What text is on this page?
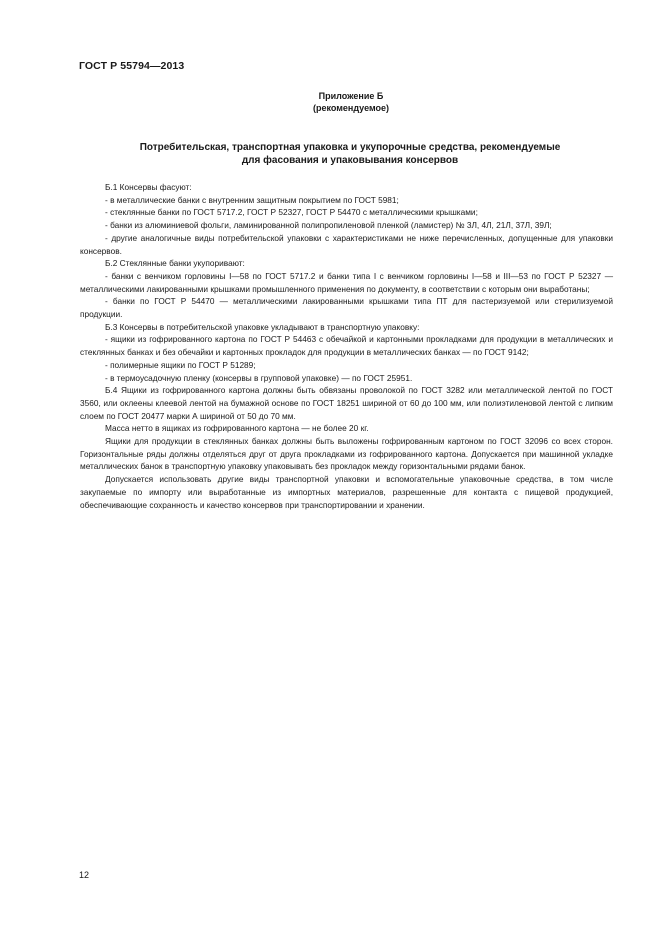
ГОСТ Р 55794—2013
Приложение Б
(рекомендуемое)
Потребительская, транспортная упаковка и укупорочные средства, рекомендуемые
для фасования и упаковывания консервов

Б.1 Консервы фасуют:

- в металлические банки с внутренним защитным покрытием по ГОСТ 5981;

- стеклянные банки по ГОСТ 5717.2, ГОСТ Р 52327, ГОСТ Р 54470 с металлическими крышками;

- банки из алюминиевой фольги, ламинированной полипропиленовой пленкой (ламистер) № 3Л, 4Л, 21Л, 37Л, 39Л;

- другие аналогичные виды потребительской упаковки с характеристиками не ниже перечисленных, допущенные для упаковки консервов.

Б.2 Стеклянные банки укупоривают:

- банки с венчиком горловины I—58 по ГОСТ 5717.2 и банки типа I с венчиком горловины I—58 и III—53 по ГОСТ Р 52327 — металлическими лакированными крышками промышленного применения по документу, в соответствии с которым они выработаны;

- банки по ГОСТ Р 54470 — металлическими лакированными крышками типа ПТ для пастеризуемой или стерилизуемой продукции.

Б.3 Консервы в потребительской упаковке укладывают в транспортную упаковку:

- ящики из гофрированного картона по ГОСТ Р 54463 с обечайкой и картонными прокладками для продукции в металлических и стеклянных банках и без обечайки и картонных прокладок для продукции в металлических банках — по ГОСТ 9142;

- полимерные ящики по ГОСТ Р 51289;

- в термоусадочную пленку (консервы в групповой упаковке) — по ГОСТ 25951.

Б.4 Ящики из гофрированного картона должны быть обвязаны проволокой по ГОСТ 3282 или металлической лентой по ГОСТ 3560, или оклеены клеевой лентой на бумажной основе по ГОСТ 18251 шириной от 60 до 100 мм, или полиэтиленовой лентой с липким слоем по ГОСТ 20477 марки А шириной от 50 до 70 мм.

Масса нетто в ящиках из гофрированного картона — не более 20 кг.

Ящики для продукции в стеклянных банках должны быть выложены гофрированным картоном по ГОСТ 32096 со всех сторон. Горизонтальные ряды должны отделяться друг от друга прокладками из гофрированного картона. Допускается при машинной укладке металлических банок в транспортную упаковку упаковывать без прокладок между горизонтальными рядами банок.

Допускается использовать другие виды транспортной упаковки и вспомогательные упаковочные средства, в том числе закупаемые по импорту или выработанные из импортных материалов, разрешенные для контакта с пищевой продукцией, обеспечивающие сохранность и качество консервов при транспортировании и хранении.

12
